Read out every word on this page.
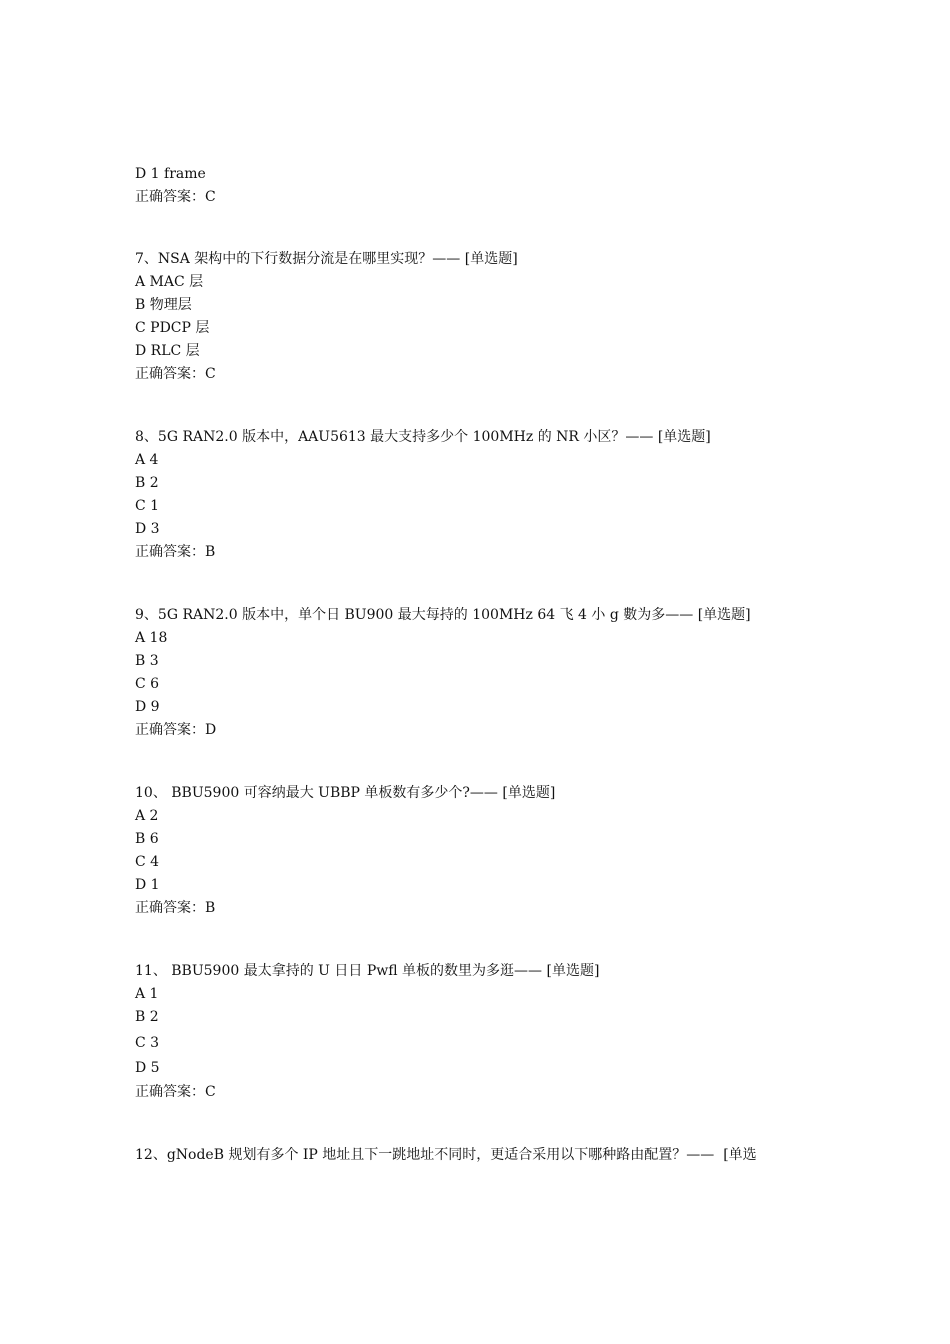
D 1 frame
正确答案：C
7、NSA 架构中的下行数据分流是在哪里实现？—— [单选题]
A MAC 层
B 物理层
C PDCP 层
D RLC 层
正确答案：C
8、5G RAN2.0 版本中，AAU5613 最大支持多少个 100MHz 的 NR 小区？—— [单选题]
A 4
B 2
C 1
D 3
正确答案：B
9、5G RAN2.0 版本中，单个日 BU900 最大每持的 100MHz 64 飞 4 小 g 數为多—— [单选题]
A 18
B 3
C 6
D 9
正确答案：D
10、 BBU5900 可容纳最大 UBBP 单板数有多少个?—— [单选题]
A 2
B 6
C 4
D 1
正确答案：B
11、 BBU5900 最太拿持的 U 日日 Pwfl 单板的数里为多逛—— [单选题]
A 1
B 2
C 3
D 5
正确答案：C
12、gNodeB 规划有多个 IP 地址且下一跳地址不同时，更适合采用以下哪种路由配置？——  [单选
